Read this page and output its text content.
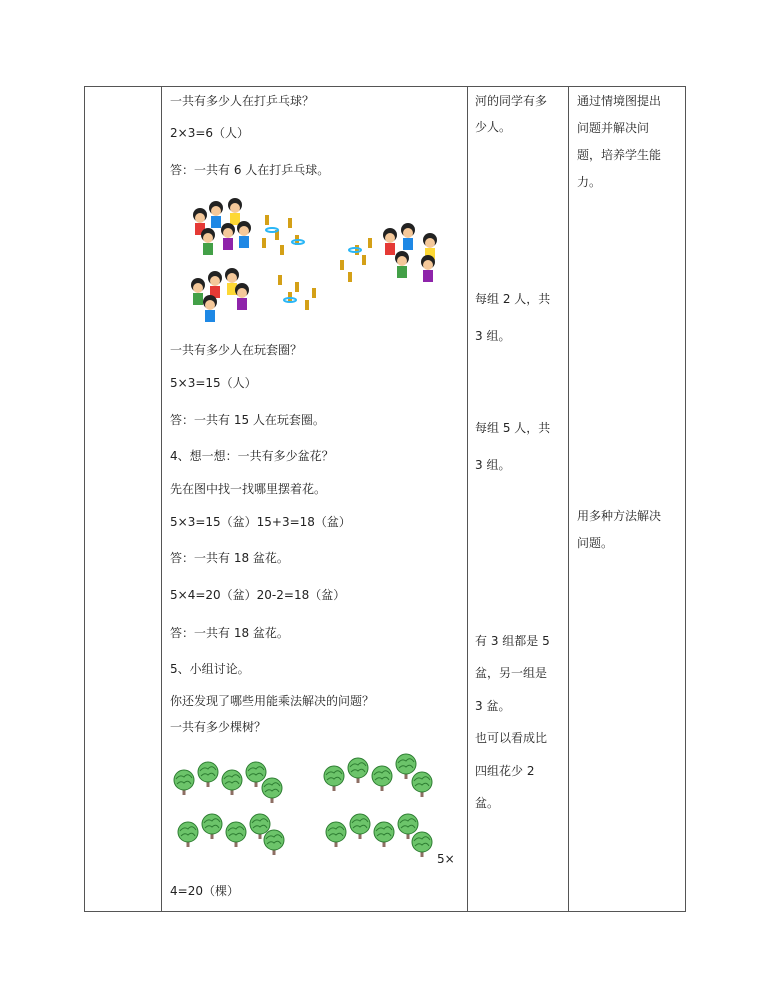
一共有多少人在打乒乓球？
2×3=6（人）
答：一共有 6 人在打乒乓球。
一共有多少人在玩套圈？
5×3=15（人）
答：一共有 15 人在玩套圈。
4、想一想：一共有多少盆花？
先在图中找一找哪里摆着花。
5×3=15（盆）15+3=18（盆）
答：一共有 18 盆花。
5×4=20（盆）20-2=18（盆）
答：一共有 18 盆花。
5、小组讨论。
你还发现了哪些用能乘法解决的问题？
一共有多少棵树？
5×
4=20（棵）
河的同学有多
少人。
每组 2 人，共
3 组。
每组 5 人，共
3 组。
有 3 组都是 5
盆，另一组是
3 盆。
也可以看成比
四组花少 2
盆。
通过情境图提出
问题并解决问
题，培养学生能
力。
用多种方法解决
问题。
